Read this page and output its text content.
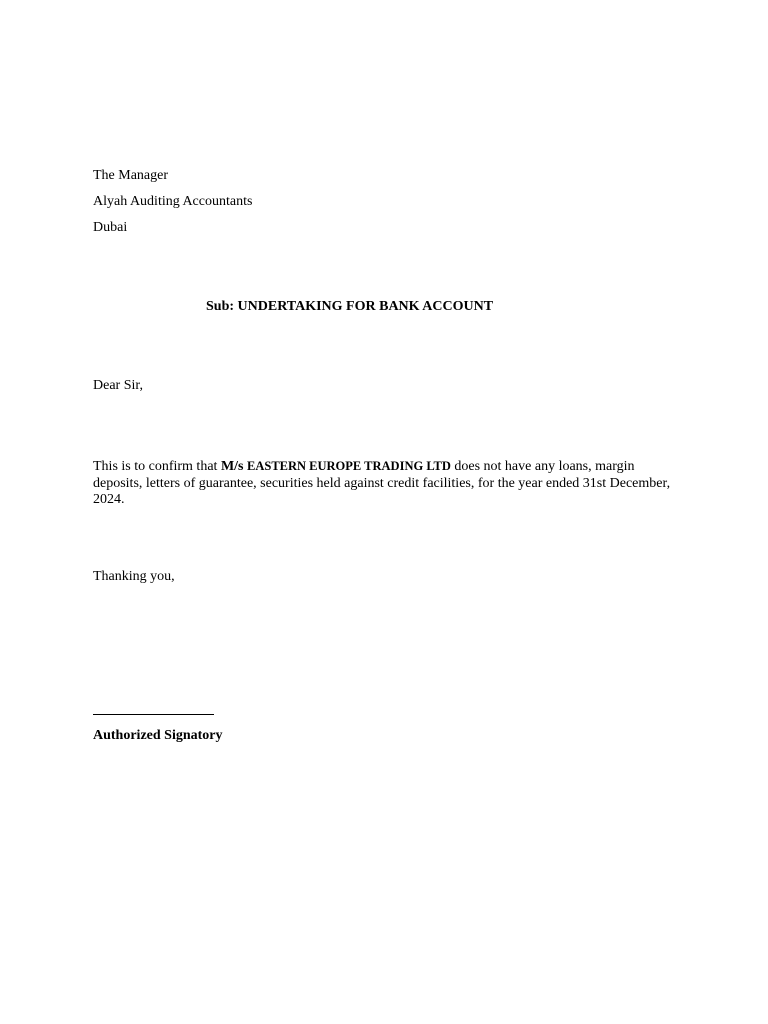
The Manager
Alyah Auditing Accountants
Dubai
Sub: UNDERTAKING FOR BANK ACCOUNT
Dear Sir,
This is to confirm that M/s EASTERN EUROPE TRADING LTD does not have any loans, margin deposits, letters of guarantee, securities held against credit facilities, for the year ended 31st December, 2024.
Thanking you,
Authorized Signatory
